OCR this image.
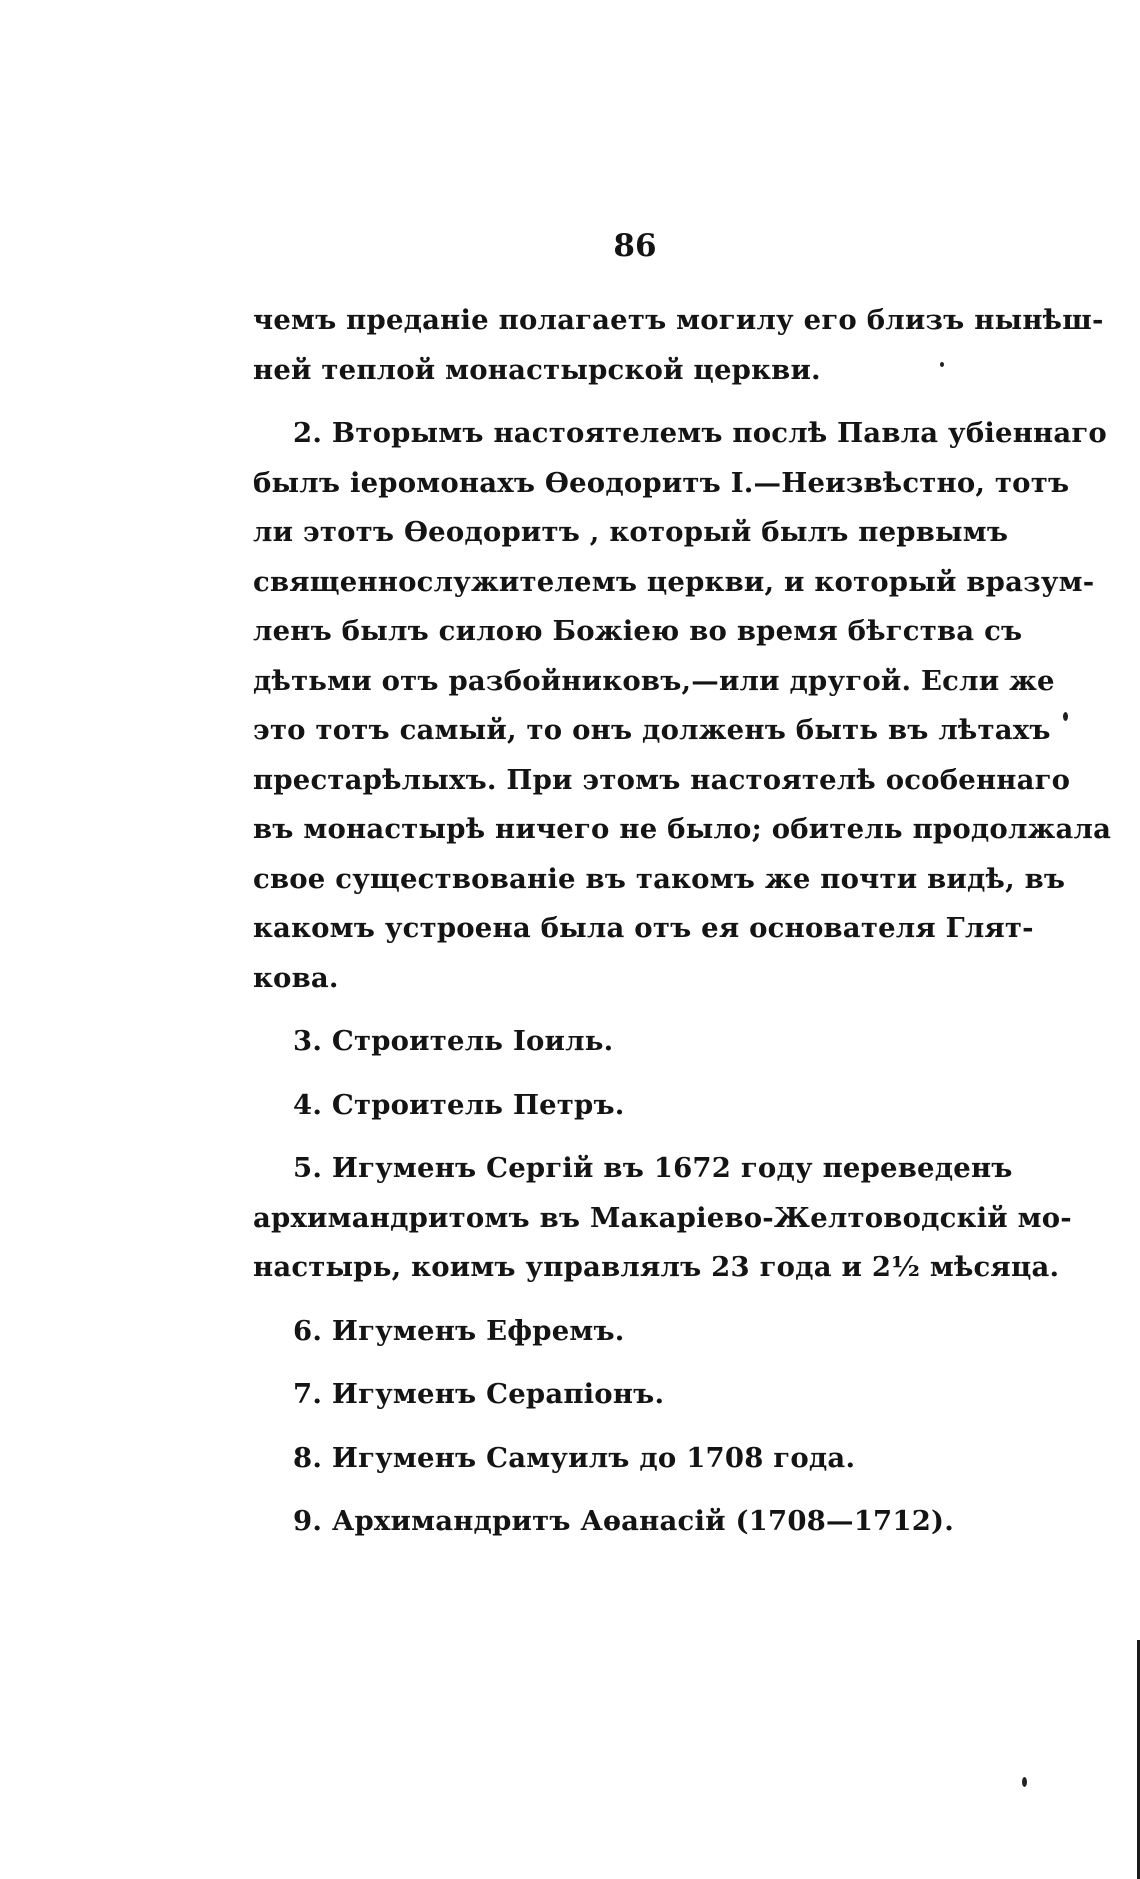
86

чемъ преданіе полагаетъ могилу его близъ нынѣш-
ней теплой монастырской церкви.

2. Вторымъ настоятелемъ послѣ Павла убіеннаго
былъ іеромонахъ Ѳеодоритъ I.—Неизвѣстно, тотъ
ли этотъ Ѳеодоритъ , который былъ первымъ
священнослужителемъ церкви, и который вразум-
ленъ былъ силою Божіею во время бѣгства съ
дѣтьми отъ разбойниковъ,—или другой. Если же
это тотъ самый, то онъ долженъ быть въ лѣтахъ
престарѣлыхъ. При этомъ настоятелѣ особеннаго
въ монастырѣ ничего не было; обитель продолжала
свое существованіе въ такомъ же почти видѣ, въ
какомъ устроена была отъ ея основателя Глят-
кова.

3. Строитель Іоиль.

4. Строитель Петръ.

5. Игуменъ Сергій въ 1672 году переведенъ
архимандритомъ въ Макаріево-Желтоводскій мо-
настырь, коимъ управлялъ 23 года и 2½ мѣсяца.

6. Игуменъ Ефремъ.

7. Игуменъ Серапіонъ.

8. Игуменъ Самуилъ до 1708 года.

9. Архимандритъ Аѳанасій (1708—1712).
